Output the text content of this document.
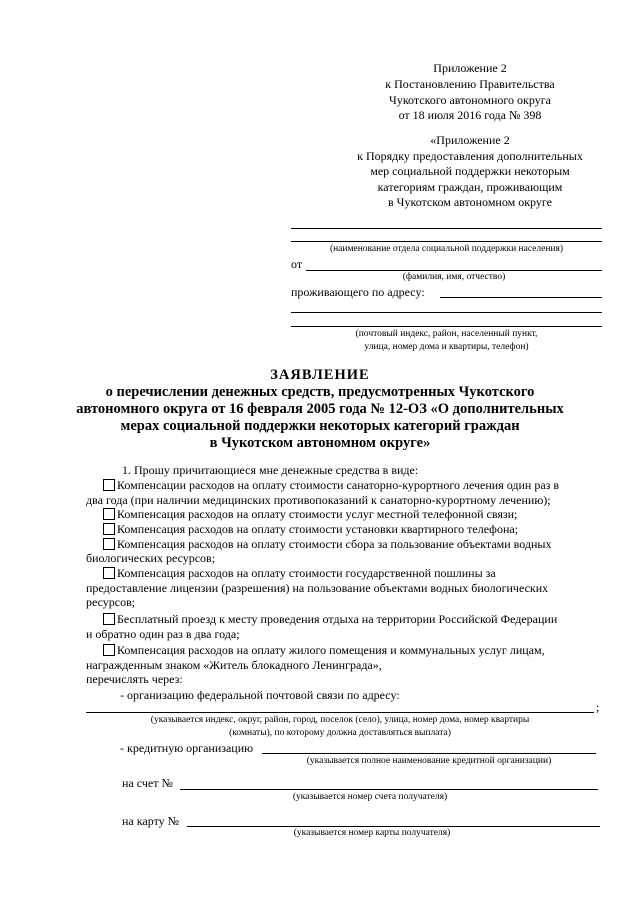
Приложение 2
к Постановлению Правительства
Чукотского автономного округа
от 18 июля 2016 года № 398
«Приложение 2
к Порядку предоставления дополнительных
мер социальной поддержки некоторым
категориям граждан, проживающим
в Чукотском автономном округе
(наименование отдела социальной поддержки населения)
от
(фамилия, имя, отчество)
проживающего по адресу:
(почтовый индекс, район, населенный пункт,
улица, номер дома и квартиры, телефон)
ЗАЯВЛЕНИЕ
о перечислении денежных средств, предусмотренных Чукотского
автономного округа от 16 февраля 2005 года № 12-ОЗ «О дополнительных
мерах социальной поддержки некоторых категорий граждан
в Чукотском автономном округе»
1. Прошу причитающиеся мне денежные средства в виде:
Компенсации расходов на оплату стоимости санаторно-курортного лечения один раз в
два года (при наличии медицинских противопоказаний к санаторно-курортному лечению);
Компенсация расходов на оплату стоимости услуг местной телефонной связи;
Компенсация расходов на оплату стоимости установки квартирного телефона;
Компенсация расходов на оплату стоимости сбора за пользование объектами водных
биологических ресурсов;
Компенсация расходов на оплату стоимости государственной пошлины за
предоставление лицензии (разрешения) на пользование объектами водных биологических
ресурсов;
Бесплатный проезд к месту проведения отдыха на территории Российской Федерации
и обратно один раз в два года;
Компенсация расходов на оплату жилого помещения и коммунальных услуг лицам,
награжденным знаком «Житель блокадного Ленинграда»,
перечислять через:
- организацию федеральной почтовой связи по адресу:
;
(указывается индекс, округ, район, город, поселок (село), улица, номер дома, номер квартиры
(комнаты), по которому должна доставляться выплата)
- кредитную организацию
(указывается полное наименование кредитной организации)
на счет №
(указывается номер счета получателя)
на карту №
(указывается номер карты получателя)
